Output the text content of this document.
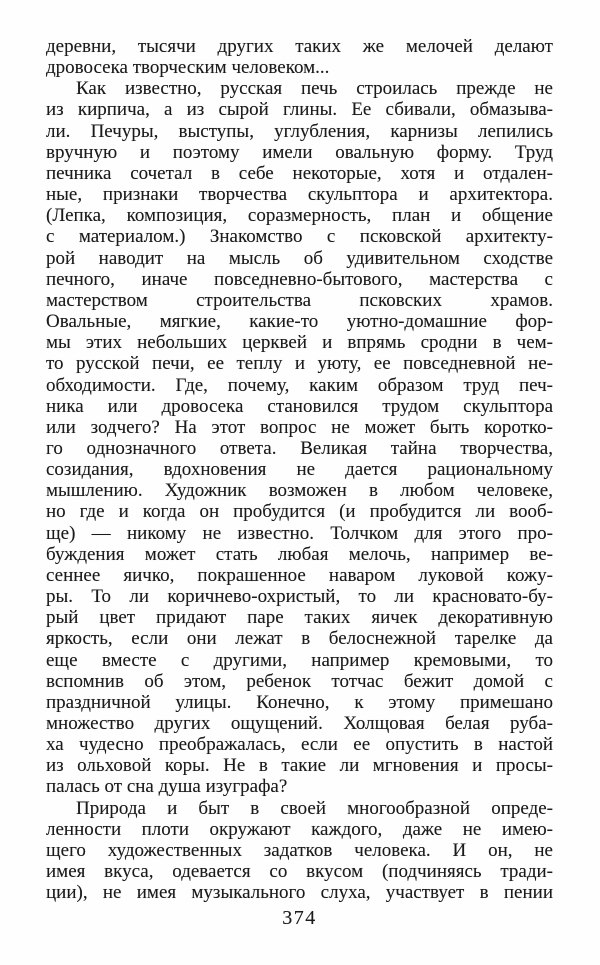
деревни, тысячи других таких же мелочей делают
дровосека творческим человеком...
Как известно, русская печь строилась прежде не
из кирпича, а из сырой глины. Ее сбивали, обмазыва-
ли. Печуры, выступы, углубления, карнизы лепились
вручную и поэтому имели овальную форму. Труд
печника сочетал в себе некоторые, хотя и отдален-
ные, признаки творчества скульптора и архитектора.
(Лепка, композиция, соразмерность, план и общение
с материалом.) Знакомство с псковской архитекту-
рой наводит на мысль об удивительном сходстве
печного, иначе повседневно-бытового, мастерства с
мастерством строительства псковских храмов.
Овальные, мягкие, какие-то уютно-домашние фор-
мы этих небольших церквей и впрямь сродни в чем-
то русской печи, ее теплу и уюту, ее повседневной не-
обходимости. Где, почему, каким образом труд печ-
ника или дровосека становился трудом скульптора
или зодчего? На этот вопрос не может быть коротко-
го однозначного ответа. Великая тайна творчества,
созидания, вдохновения не дается рациональному
мышлению. Художник возможен в любом человеке,
но где и когда он пробудится (и пробудится ли вооб-
ще) — никому не известно. Толчком для этого про-
буждения может стать любая мелочь, например ве-
сеннее яичко, покрашенное наваром луковой кожу-
ры. То ли коричнево-охристый, то ли красновато-бу-
рый цвет придают паре таких яичек декоративную
яркость, если они лежат в белоснежной тарелке да
еще вместе с другими, например кремовыми, то
вспомнив об этом, ребенок тотчас бежит домой с
праздничной улицы. Конечно, к этому примешано
множество других ощущений. Холщовая белая руба-
ха чудесно преображалась, если ее опустить в настой
из ольховой коры. Не в такие ли мгновения и просы-
палась от сна душа изуграфа?
Природа и быт в своей многообразной опреде-
ленности плоти окружают каждого, даже не имею-
щего художественных задатков человека. И он, не
имея вкуса, одевается со вкусом (подчиняясь тради-
ции), не имея музыкального слуха, участвует в пении
374
